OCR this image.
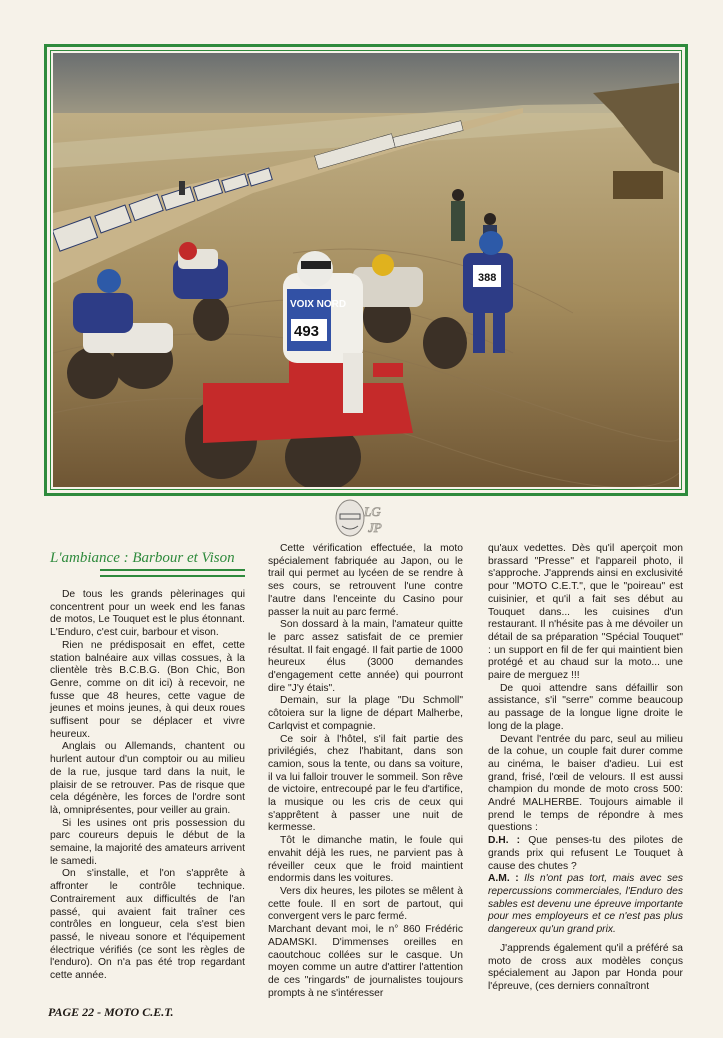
388
VOIX NORD
493
LG
JP
L'ambiance : Barbour et Vison

De tous les grands pèlerinages qui concentrent pour un week end les fanas de motos, Le Touquet est le plus étonnant. L'Enduro, c'est cuir, barbour et vison.

Rien ne prédisposait en effet, cette station balnéaire aux villas cossues, à la clientèle très B.C.B.G. (Bon Chic, Bon Genre, comme on dit ici) à recevoir, ne fusse que 48 heures, cette vague de jeunes et moins jeunes, à qui deux roues suffisent pour se déplacer et vivre heureux.

Anglais ou Allemands, chantent ou hurlent autour d'un comptoir ou au milieu de la rue, jusque tard dans la nuit, le plaisir de se retrouver. Pas de risque que cela dégénère, les forces de l'ordre sont là, omniprésentes, pour veiller au grain.

Si les usines ont pris possession du parc coureurs depuis le début de la semaine, la majorité des amateurs arrivent le samedi.

On s'installe, et l'on s'apprête à affronter le contrôle technique. Contrairement aux difficultés de l'an passé, qui avaient fait traîner ces contrôles en longueur, cela s'est bien passé, le niveau sonore et l'équipement électrique vérifiés (ce sont les règles de l'enduro). On n'a pas été trop regardant cette année.

Cette vérification effectuée, la moto spécialement fabriquée au Japon, ou le trail qui permet au lycéen de se rendre à ses cours, se retrouvent l'une contre l'autre dans l'enceinte du Casino pour passer la nuit au parc fermé.

Son dossard à la main, l'amateur quitte le parc assez satisfait de ce premier résultat. Il fait engagé. Il fait partie de 1000 heureux élus (3000 demandes d'engagement cette année) qui pourront dire "J'y étais".

Demain, sur la plage "Du Schmoll" côtoiera sur la ligne de départ Malherbe, Carlqvist et compagnie.

Ce soir à l'hôtel, s'il fait partie des privilégiés, chez l'habitant, dans son camion, sous la tente, ou dans sa voiture, il va lui falloir trouver le sommeil. Son rêve de victoire, entrecoupé par le feu d'artifice, la musique ou les cris de ceux qui s'apprêtent à passer une nuit de kermesse.

Tôt le dimanche matin, le foule qui envahit déjà les rues, ne parvient pas à réveiller ceux que le froid maintient endormis dans les voitures.

Vers dix heures, les pilotes se mêlent à cette foule. Il en sort de partout, qui convergent vers le parc fermé.

Marchant devant moi, le n° 860 Frédéric ADAMSKI. D'immenses oreilles en caoutchouc collées sur le casque. Un moyen comme un autre d'attirer l'attention de ces "ringards" de journalistes toujours prompts à ne s'intéresser

qu'aux vedettes. Dès qu'il aperçoit mon brassard "Presse" et l'appareil photo, il s'approche. J'apprends ainsi en exclusivité pour "MOTO C.E.T.", que le "poireau" est cuisinier, et qu'il a fait ses début au Touquet dans... les cuisines d'un restaurant. Il n'hésite pas à me dévoiler un détail de sa préparation "Spécial Touquet" : un support en fil de fer qui maintient bien protégé et au chaud sur la moto... une paire de merguez !!!

De quoi attendre sans défaillir son assistance, s'il "serre" comme beaucoup au passage de la longue ligne droite le long de la plage.

Devant l'entrée du parc, seul au milieu de la cohue, un couple fait durer comme au cinéma, le baiser d'adieu. Lui est grand, frisé, l'œil de velours. Il est aussi champion du monde de moto cross 500: André MALHERBE. Toujours aimable il prend le temps de répondre à mes questions :

D.H. : Que penses-tu des pilotes de grands prix qui refusent Le Touquet à cause des chutes ?

A.M. : Ils n'ont pas tort, mais avec ses repercussions commerciales, l'Enduro des sables est devenu une épreuve importante pour mes employeurs et ce n'est pas plus dangereux qu'un grand prix.

J'apprends également qu'il a préféré sa moto de cross aux modèles conçus spécialement au Japon par Honda pour l'épreuve, (ces derniers connaîtront

PAGE 22 - MOTO C.E.T.
